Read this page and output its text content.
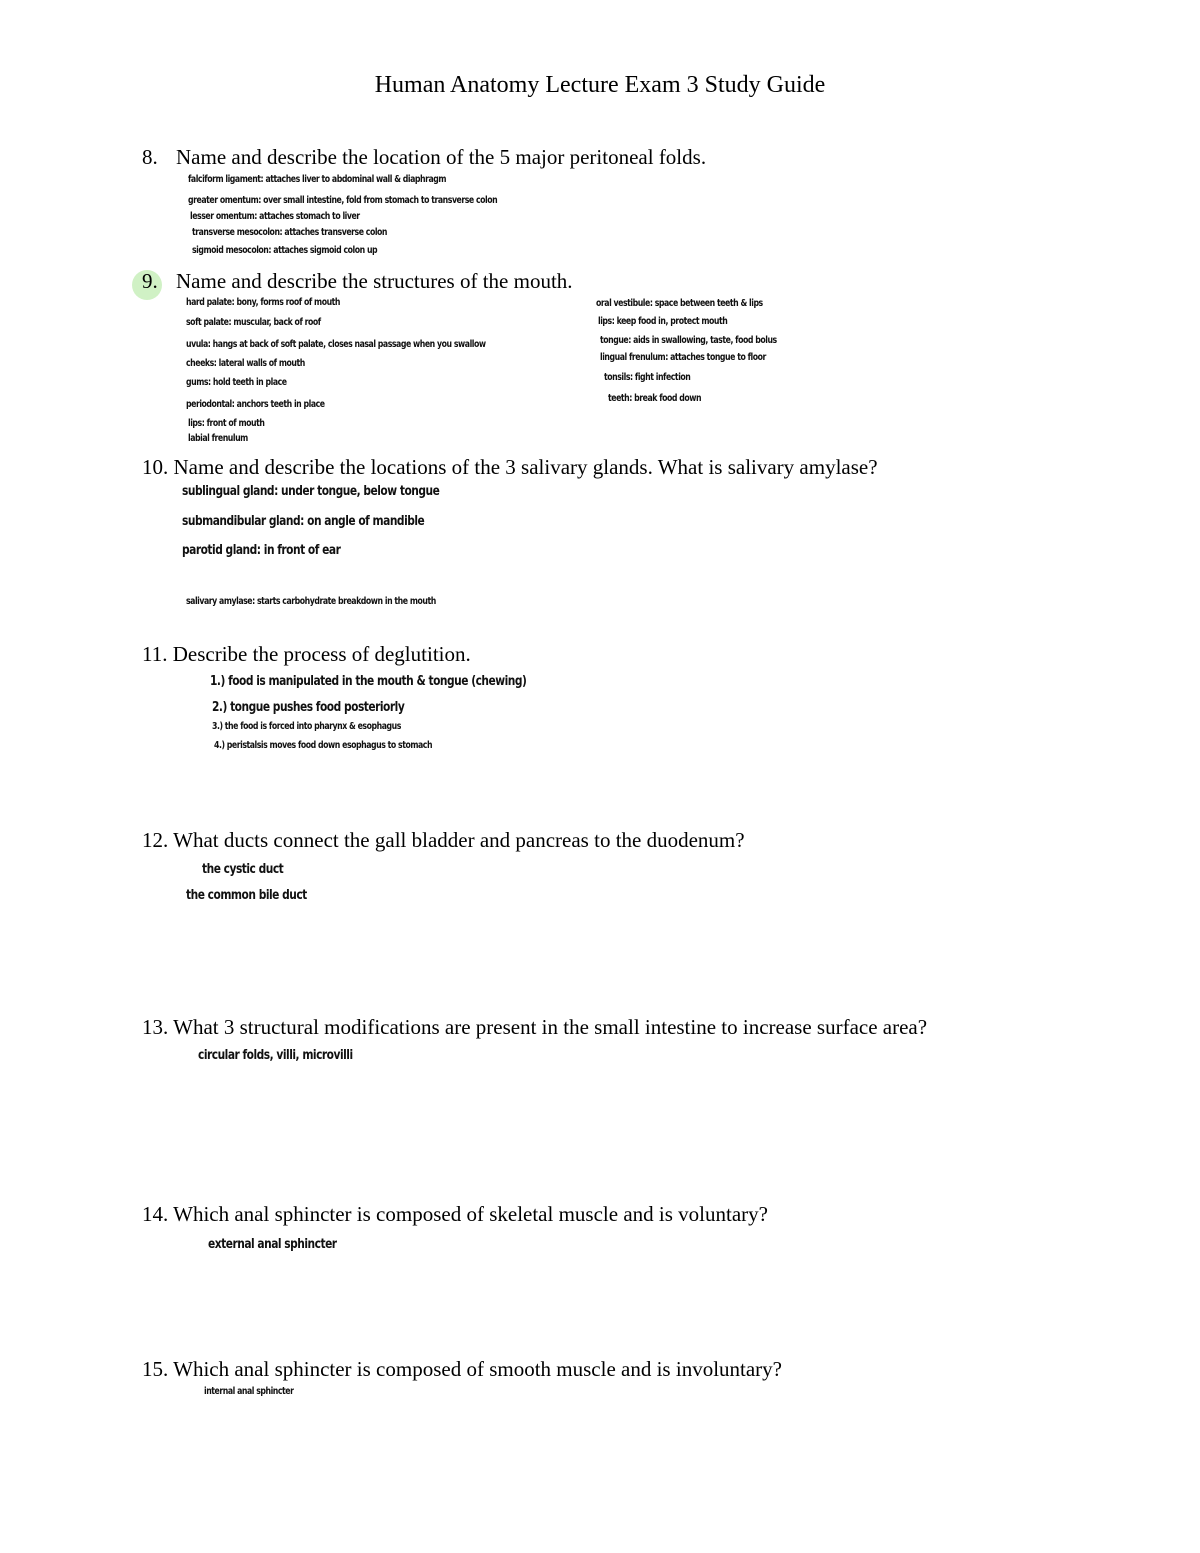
Human Anatomy Lecture Exam 3 Study Guide
8. Name and describe the location of the 5 major peritoneal folds.
falciform ligament: attaches liver to abdominal wall & diaphragm
greater omentum: over small intestine, fold from stomach to transverse colon
lesser omentum: attaches stomach to liver
transverse mesocolon: attaches transverse colon
sigmoid mesocolon: attaches sigmoid colon up
9. Name and describe the structures of the mouth.
hard palate: bony, forms roof of mouth
soft palate: muscular, back of roof
uvula: hangs at back of soft palate, closes nasal passage when you swallow
cheeks: lateral walls of mouth
gums: hold teeth in place
periodontal: anchors teeth in place
lips: front of mouth
labial frenulum
oral vestibule: space between teeth & lips
lips: keep food in, protect mouth
tongue: aids in swallowing, taste, food bolus
lingual frenulum: attaches tongue to floor
tonsils: fight infection
teeth: break food down
10. Name and describe the locations of the 3 salivary glands. What is salivary amylase?
sublingual gland: under tongue, below tongue
submandibular gland: on angle of mandible
parotid gland: in front of ear
salivary amylase: starts carbohydrate breakdown in the mouth
11. Describe the process of deglutition.
1.) food is manipulated in the mouth & tongue (chewing)
2.) tongue pushes food posteriorly
3.) the food is forced into pharynx & esophagus
4.) peristalsis moves food down esophagus to stomach
12. What ducts connect the gall bladder and pancreas to the duodenum?
the cystic duct
the common bile duct
13. What 3 structural modifications are present in the small intestine to increase surface area?
circular folds, villi, microvilli
14. Which anal sphincter is composed of skeletal muscle and is voluntary?
external anal sphincter
15. Which anal sphincter is composed of smooth muscle and is involuntary?
internal anal sphincter
